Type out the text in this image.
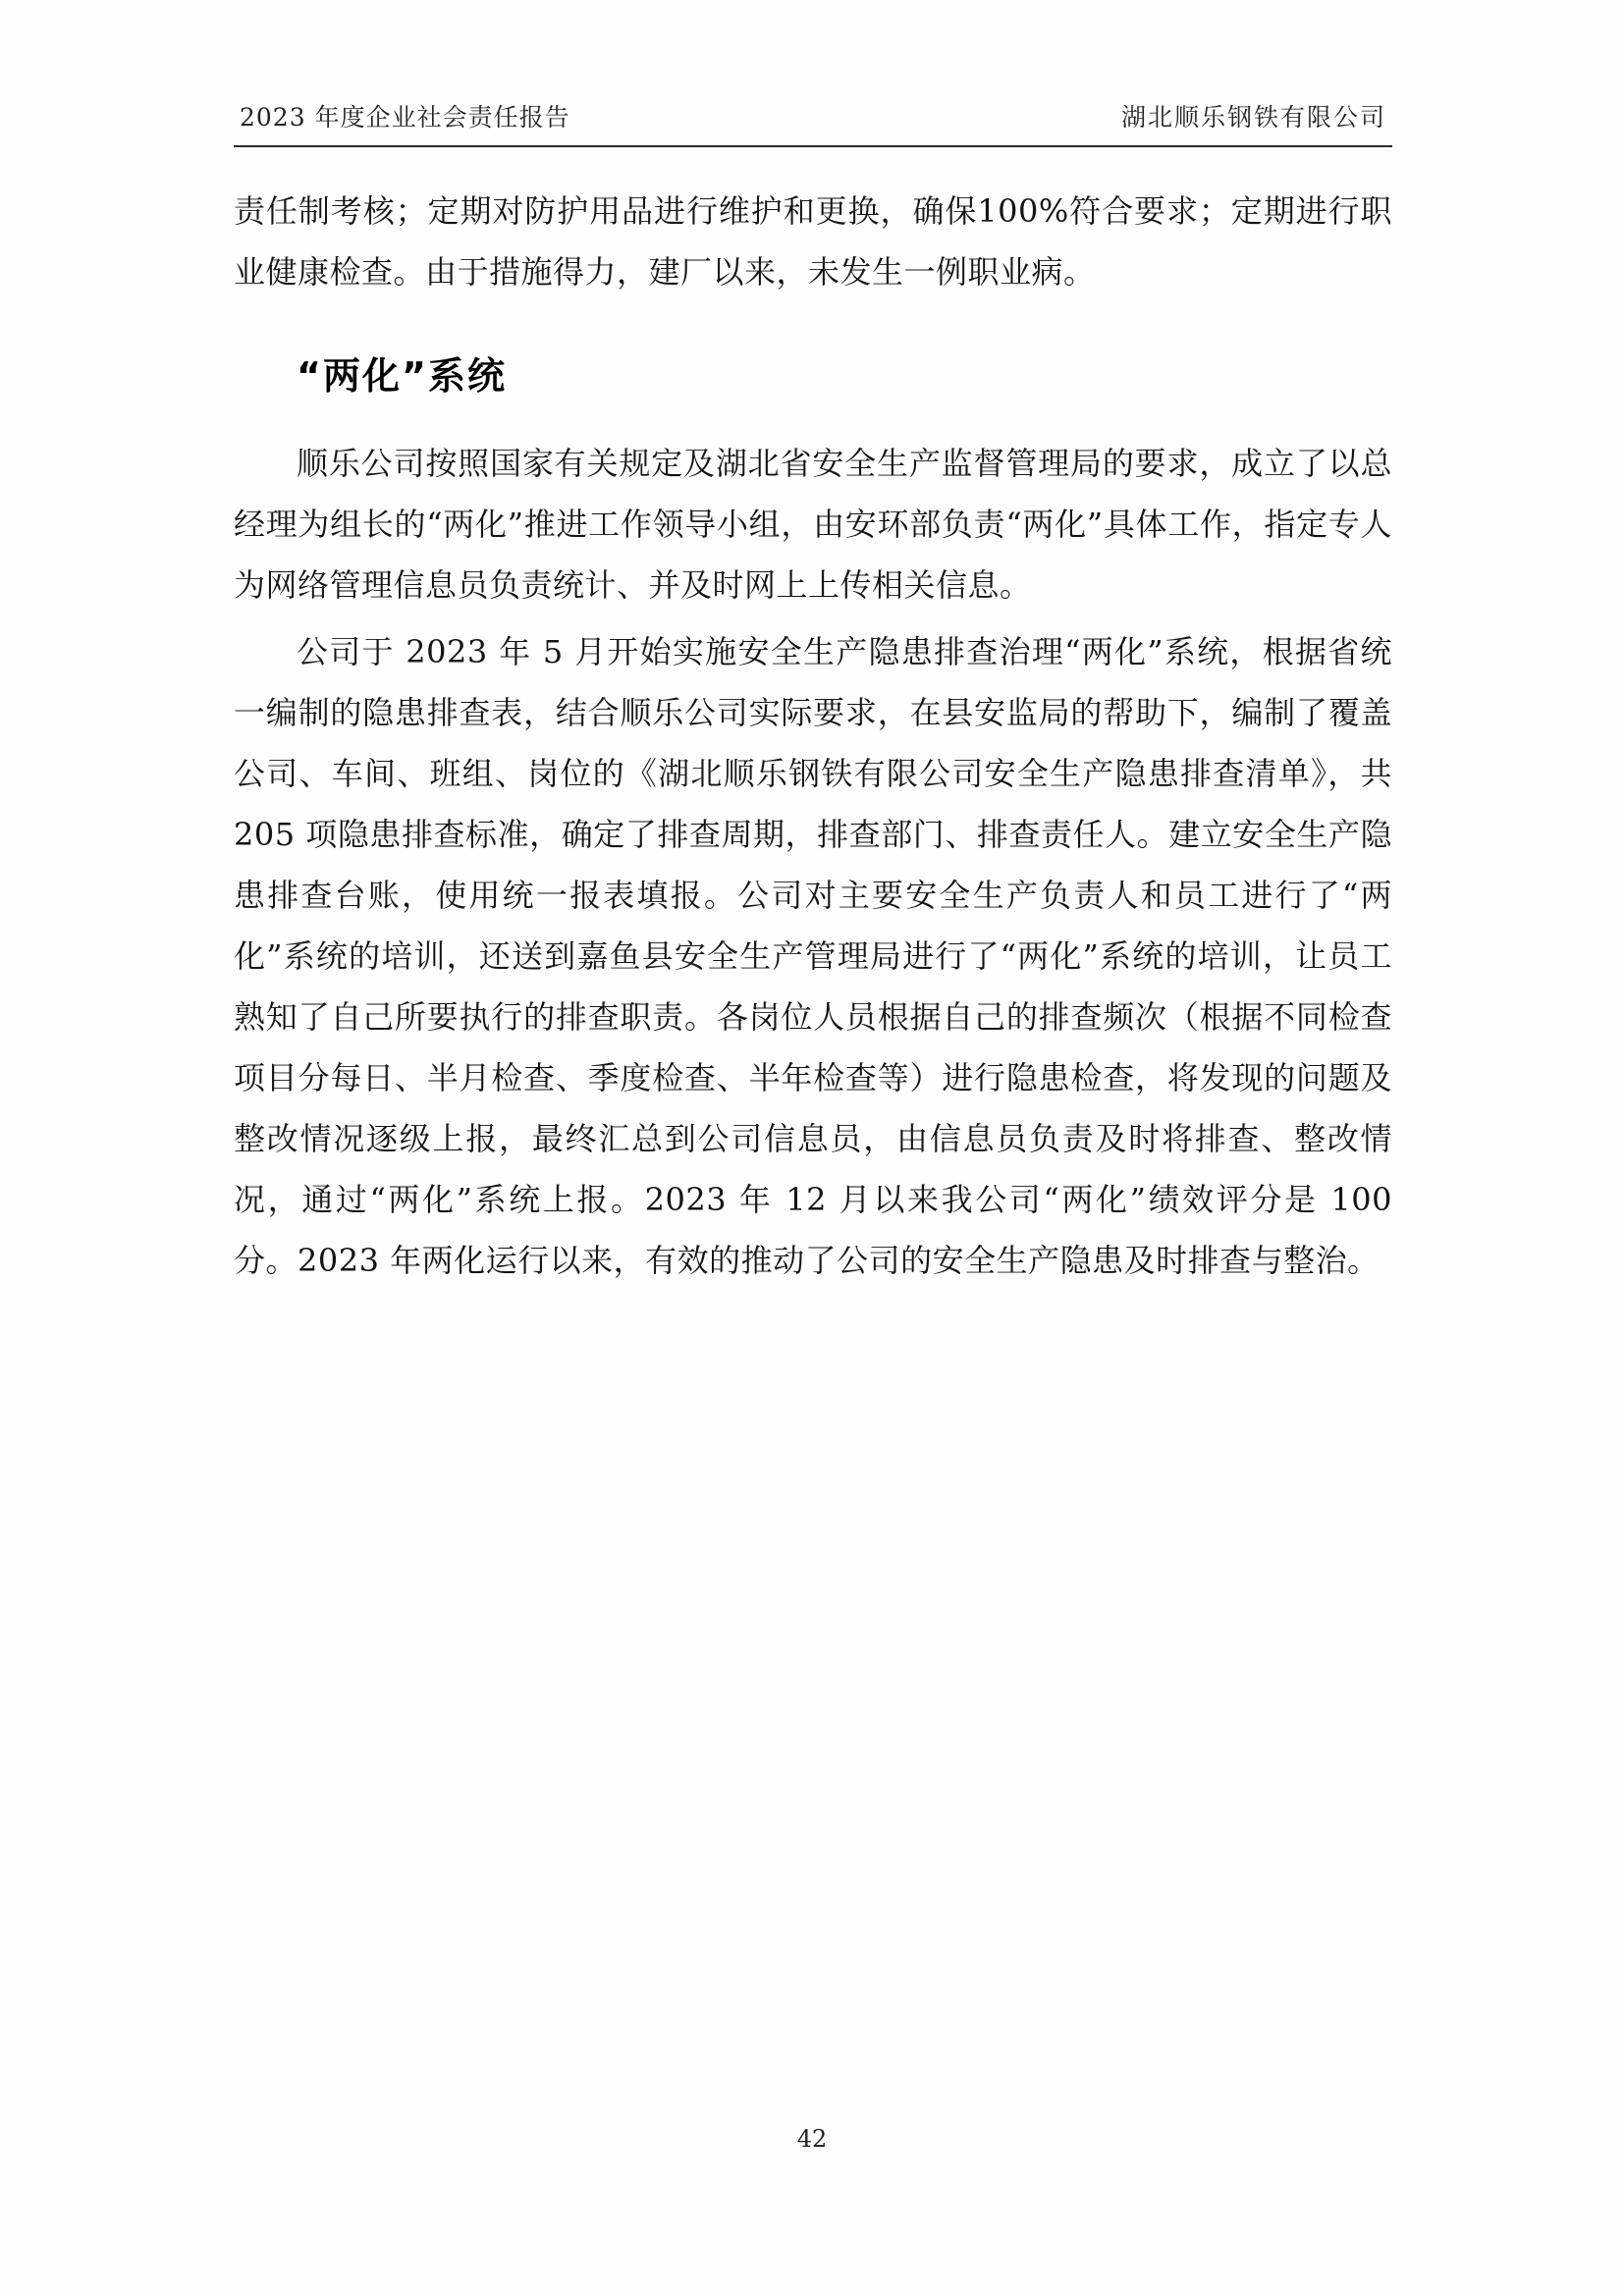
2023 年度企业社会责任报告	湖北顺乐钢铁有限公司

责任制考核；定期对防护用品进行维护和更换，确保100%符合要求；定期进行职业健康检查。由于措施得力，建厂以来，未发生一例职业病。

“两化”系统

顺乐公司按照国家有关规定及湖北省安全生产监督管理局的要求，成立了以总经理为组长的“两化”推进工作领导小组，由安环部负责“两化”具体工作，指定专人为网络管理信息员负责统计、并及时网上上传相关信息。

公司于 2023 年 5 月开始实施安全生产隐患排查治理“两化”系统，根据省统一编制的隐患排查表，结合顺乐公司实际要求，在县安监局的帮助下，编制了覆盖公司、车间、班组、岗位的《湖北顺乐钢铁有限公司安全生产隐患排查清单》，共 205 项隐患排查标准，确定了排查周期，排查部门、排查责任人。建立安全生产隐患排查台账，使用统一报表填报。公司对主要安全生产负责人和员工进行了“两化”系统的培训，还送到嘉鱼县安全生产管理局进行了“两化”系统的培训，让员工熟知了自己所要执行的排查职责。各岗位人员根据自己的排查频次（根据不同检查项目分每日、半月检查、季度检查、半年检查等）进行隐患检查，将发现的问题及整改情况逐级上报，最终汇总到公司信息员，由信息员负责及时将排查、整改情况，通过“两化”系统上报。2023 年 12 月以来我公司“两化”绩效评分是 100 分。2023 年两化运行以来，有效的推动了公司的安全生产隐患及时排查与整治。

42
